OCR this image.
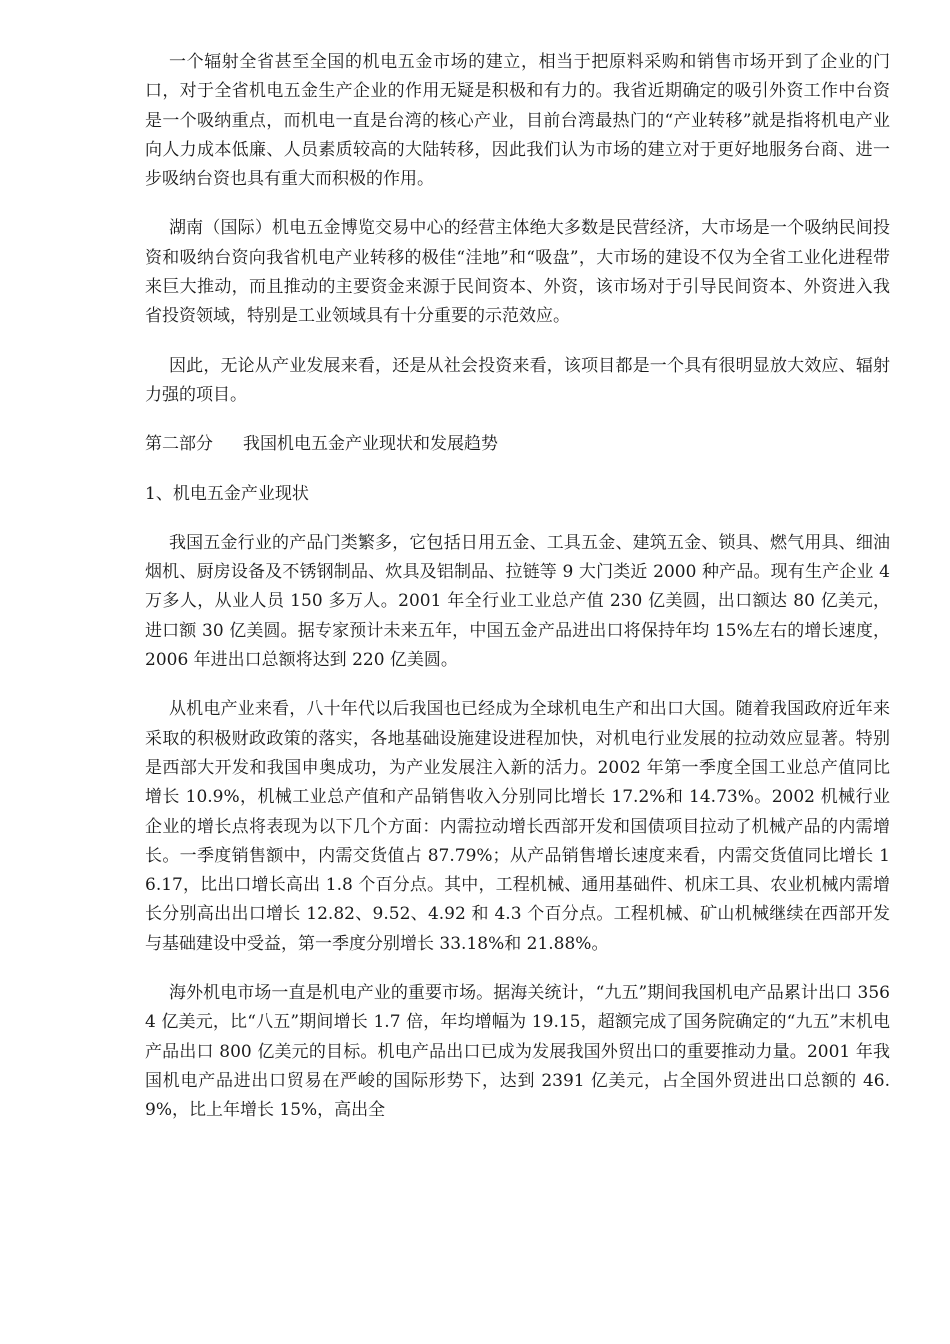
一个辐射全省甚至全国的机电五金市场的建立，相当于把原料采购和销售市场开到了企业的门口，对于全省机电五金生产企业的作用无疑是积极和有力的。我省近期确定的吸引外资工作中台资是一个吸纳重点，而机电一直是台湾的核心产业，目前台湾最热门的“产业转移”就是指将机电产业向人力成本低廉、人员素质较高的大陆转移，因此我们认为市场的建立对于更好地服务台商、进一步吸纳台资也具有重大而积极的作用。

湖南（国际）机电五金博览交易中心的经营主体绝大多数是民营经济，大市场是一个吸纳民间投资和吸纳台资向我省机电产业转移的极佳“洼地”和“吸盘”，大市场的建设不仅为全省工业化进程带来巨大推动，而且推动的主要资金来源于民间资本、外资，该市场对于引导民间资本、外资进入我省投资领域，特别是工业领域具有十分重要的示范效应。

因此，无论从产业发展来看，还是从社会投资来看，该项目都是一个具有很明显放大效应、辐射力强的项目。

第二部分 我国机电五金产业现状和发展趋势
1、机电五金产业现状

我国五金行业的产品门类繁多，它包括日用五金、工具五金、建筑五金、锁具、燃气用具、细油烟机、厨房设备及不锈钢制品、炊具及铝制品、拉链等 9 大门类近 2000 种产品。现有生产企业 4 万多人，从业人员 150 多万人。2001 年全行业工业总产值 230 亿美圆，出口额达 80 亿美元，进口额 30 亿美圆。据专家预计未来五年，中国五金产品进出口将保持年均 15%左右的增长速度，2006 年进出口总额将达到 220 亿美圆。

从机电产业来看，八十年代以后我国也已经成为全球机电生产和出口大国。随着我国政府近年来采取的积极财政政策的落实，各地基础设施建设进程加快，对机电行业发展的拉动效应显著。特别是西部大开发和我国申奥成功，为产业发展注入新的活力。2002 年第一季度全国工业总产值同比增长 10.9%，机械工业总产值和产品销售收入分别同比增长 17.2%和 14.73%。2002 机械行业企业的增长点将表现为以下几个方面：内需拉动增长西部开发和国债项目拉动了机械产品的内需增长。一季度销售额中，内需交货值占 87.79%；从产品销售增长速度来看，内需交货值同比增长 16.17，比出口增长高出 1.8 个百分点。其中，工程机械、通用基础件、机床工具、农业机械内需增长分别高出出口增长 12.82、9.52、4.92 和 4.3 个百分点。工程机械、矿山机械继续在西部开发与基础建设中受益，第一季度分别增长 33.18%和 21.88%。

海外机电市场一直是机电产业的重要市场。据海关统计，“九五”期间我国机电产品累计出口 3564 亿美元，比“八五”期间增长 1.7 倍，年均增幅为 19.15，超额完成了国务院确定的“九五”末机电产品出口 800 亿美元的目标。机电产品出口已成为发展我国外贸出口的重要推动力量。2001 年我国机电产品进出口贸易在严峻的国际形势下，达到 2391 亿美元，占全国外贸进出口总额的 46.9%，比上年增长 15%，高出全
